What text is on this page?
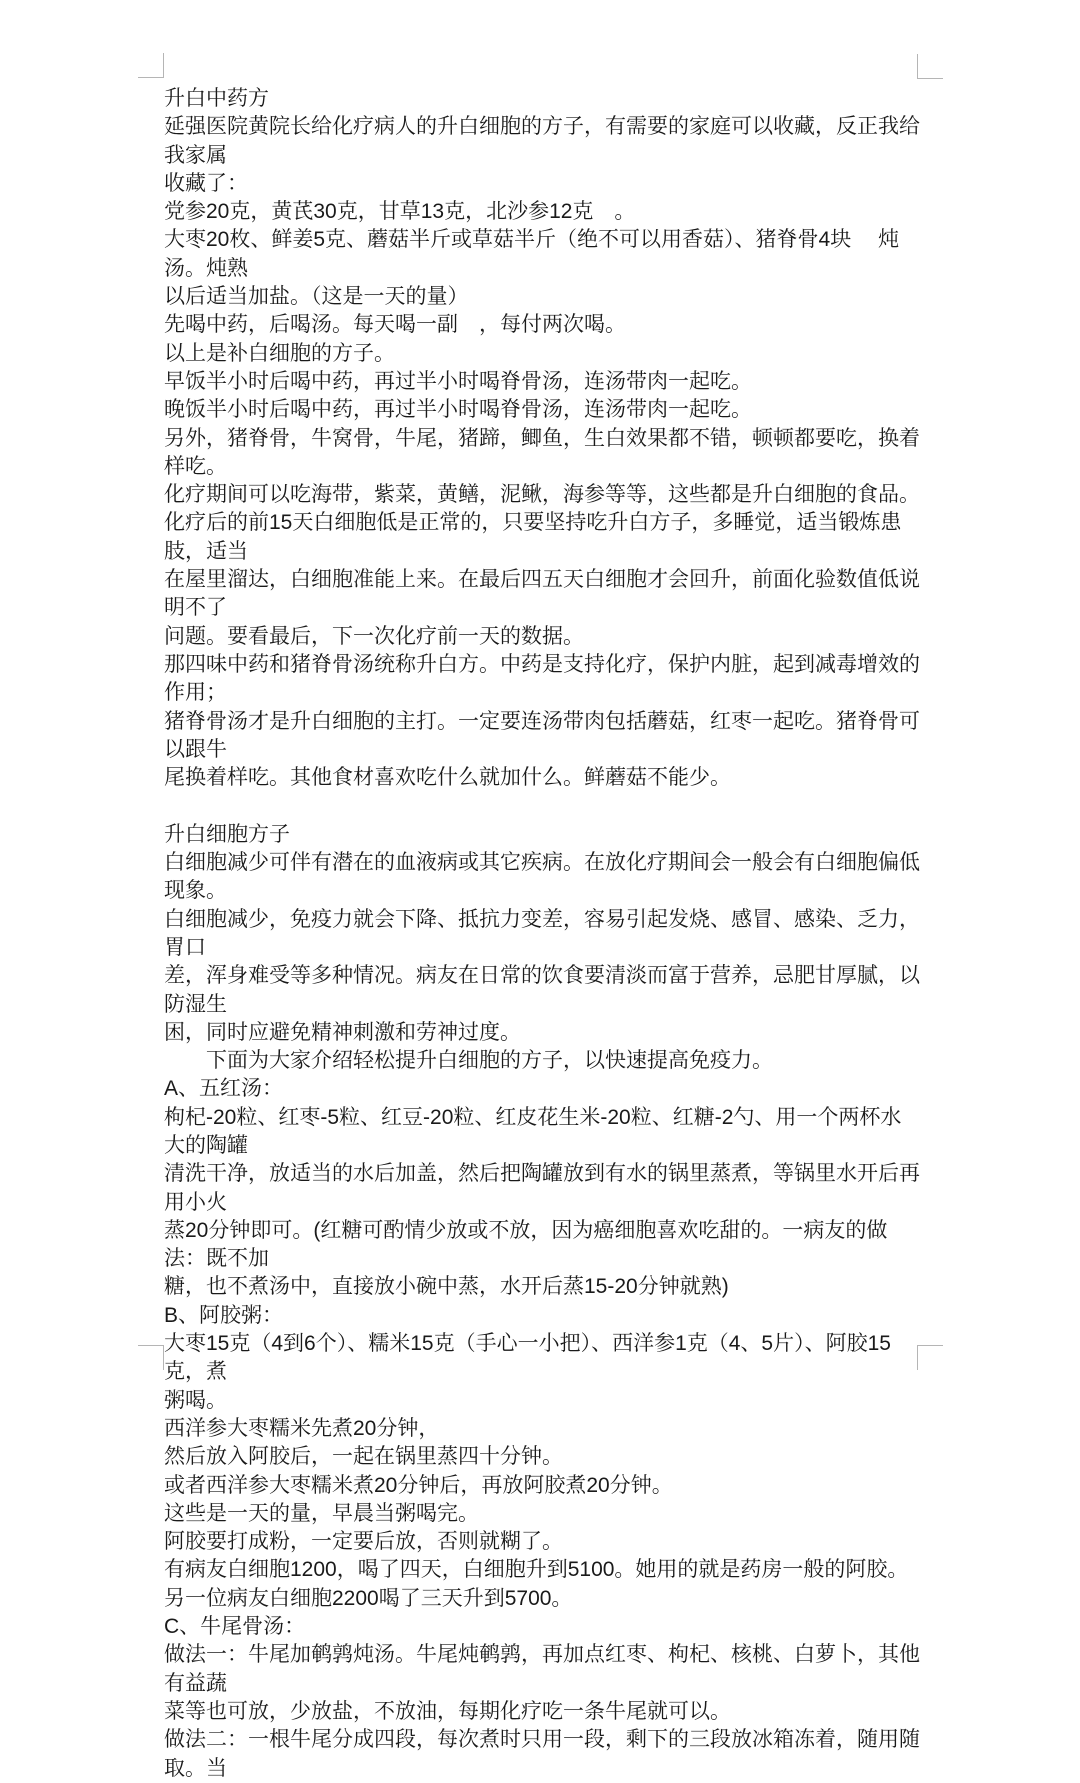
升白中药方
延强医院黄院长给化疗病人的升白细胞的方子，有需要的家庭可以收藏，反正我给我家属
收藏了：
党参20克，黄芪30克，甘草13克，北沙参12克　。
大枣20枚、鲜姜5克、蘑菇半斤或草菇半斤（绝不可以用香菇）、猪脊骨4块　 炖汤。炖熟
以后适当加盐。（这是一天的量）
先喝中药，后喝汤。每天喝一副　，每付两次喝。
以上是补白细胞的方子。
早饭半小时后喝中药，再过半小时喝脊骨汤，连汤带肉一起吃。
晚饭半小时后喝中药，再过半小时喝脊骨汤，连汤带肉一起吃。
另外，猪脊骨，牛窝骨，牛尾，猪蹄，鲫鱼，生白效果都不错，顿顿都要吃，换着样吃。
化疗期间可以吃海带，紫菜，黄鳝，泥鳅，海参等等，这些都是升白细胞的食品。
化疗后的前15天白细胞低是正常的，只要坚持吃升白方子，多睡觉，适当锻炼患肢，适当
在屋里溜达，白细胞准能上来。在最后四五天白细胞才会回升，前面化验数值低说明不了
问题。要看最后，下一次化疗前一天的数据。
那四味中药和猪脊骨汤统称升白方。中药是支持化疗，保护内脏，起到减毒增效的作用；
猪脊骨汤才是升白细胞的主打。一定要连汤带肉包括蘑菇，红枣一起吃。猪脊骨可以跟牛
尾换着样吃。其他食材喜欢吃什么就加什么。鲜蘑菇不能少。
升白细胞方子
白细胞减少可伴有潜在的血液病或其它疾病。在放化疗期间会一般会有白细胞偏低现象。
白细胞减少，免疫力就会下降、抵抗力变差，容易引起发烧、感冒、感染、乏力，胃口
差，浑身难受等多种情况。病友在日常的饮食要清淡而富于营养，忌肥甘厚腻，以防湿生
困，同时应避免精神刺激和劳神过度。
　　下面为大家介绍轻松提升白细胞的方子，以快速提高免疫力。
A、五红汤：
枸杞-20粒、红枣-5粒、红豆-20粒、红皮花生米-20粒、红糖-2勺、用一个两杯水大的陶罐
清洗干净，放适当的水后加盖，然后把陶罐放到有水的锅里蒸煮，等锅里水开后再用小火
蒸20分钟即可。(红糖可酌情少放或不放，因为癌细胞喜欢吃甜的。一病友的做法：既不加
糖，也不煮汤中，直接放小碗中蒸，水开后蒸15-20分钟就熟)
B、阿胶粥：
大枣15克（4到6个）、糯米15克（手心一小把）、西洋参1克（4、5片）、阿胶15克，煮
粥喝。
西洋参大枣糯米先煮20分钟，
然后放入阿胶后，一起在锅里蒸四十分钟。
或者西洋参大枣糯米煮20分钟后，再放阿胶煮20分钟。
这些是一天的量，早晨当粥喝完。
阿胶要打成粉，一定要后放，否则就糊了。
有病友白细胞1200，喝了四天，白细胞升到5100。她用的就是药房一般的阿胶。
另一位病友白细胞2200喝了三天升到5700。
C、牛尾骨汤：
做法一：牛尾加鹌鹑炖汤。牛尾炖鹌鹑，再加点红枣、枸杞、核桃、白萝卜，其他有益蔬
菜等也可放，少放盐，不放油，每期化疗吃一条牛尾就可以。
做法二：一根牛尾分成四段，每次煮时只用一段，剩下的三段放冰箱冻着，随用随取。当
